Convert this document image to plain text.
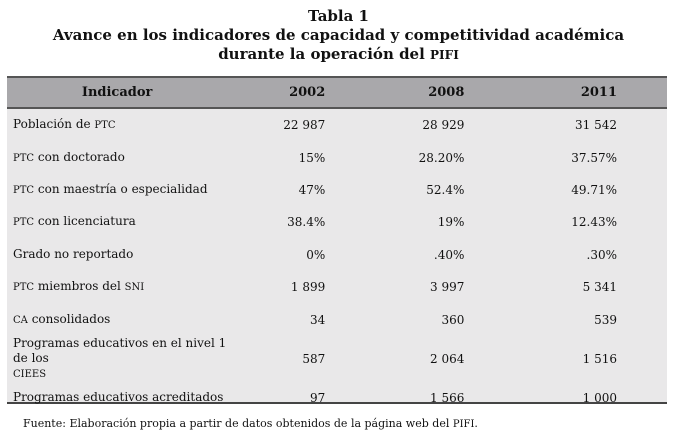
Tabla 1
Avance en los indicadores de capacidad y competitividad académica
durante la operación del PIFI
Indicador	2002	2008	2011
Población de PTC	22 987	28 929	31 542
PTC con doctorado	15%	28.20%	37.57%
PTC con maestría o especialidad	47%	52.4%	49.71%
PTC con licenciatura	38.4%	19%	12.43%
Grado no reportado	0%	.40%	.30%
PTC miembros del SNI	1 899	3 997	5 341
CA consolidados	34	360	539
Programas educativos en el nivel 1 de los
CIEES	587	2 064	1 516
Programas educativos acreditados	97	1 566	1 000
Fuente: Elaboración propia a partir de datos obtenidos de la página web del PIFI.
